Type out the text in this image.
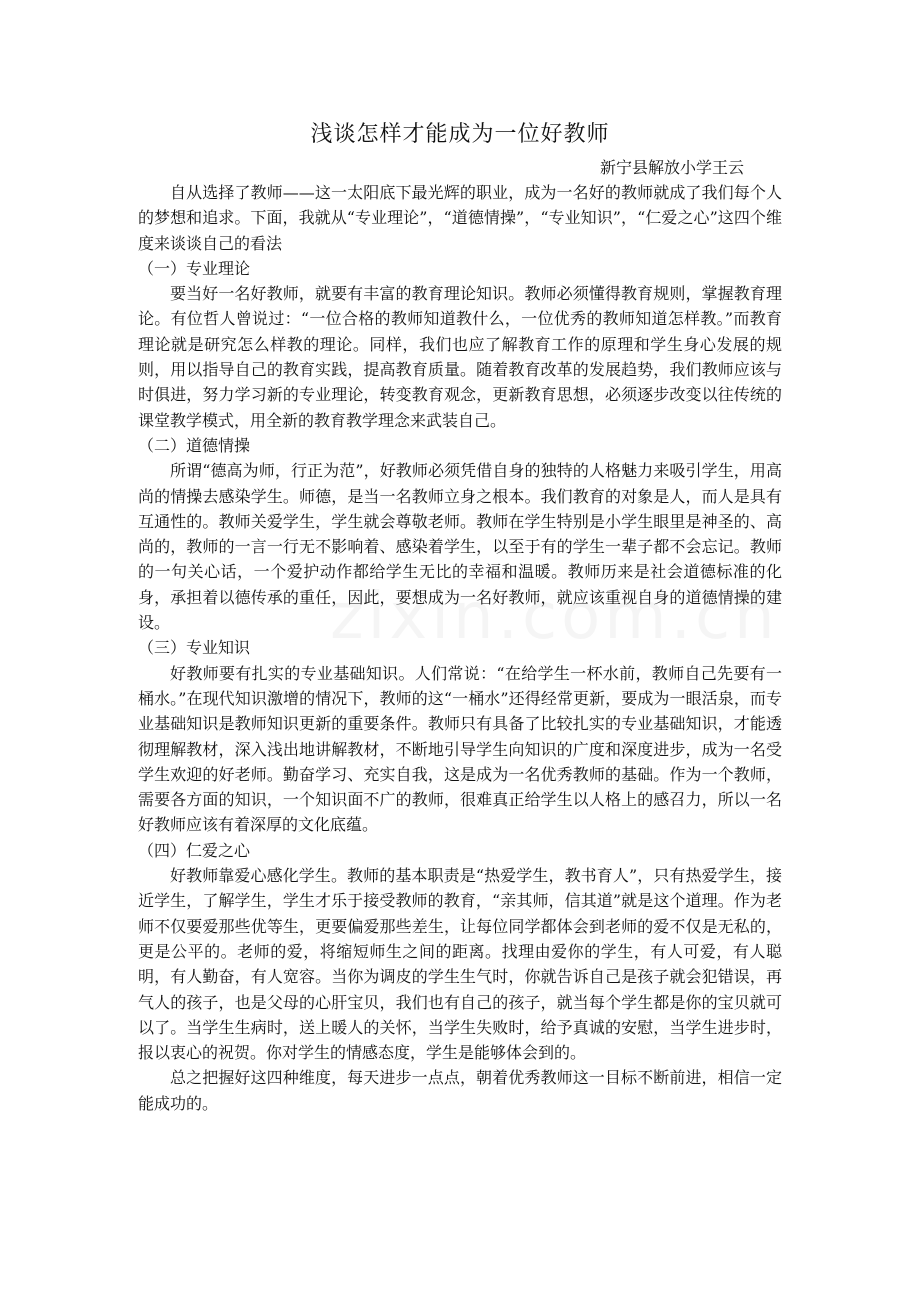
浅谈怎样才能成为一位好教师
新宁县解放小学王云

自从选择了教师——这一太阳底下最光辉的职业，成为一名好的教师就成了我们每个人的梦想和追求。下面，我就从“专业理论”，“道德情操”，“专业知识”，“仁爱之心”这四个维度来谈谈自己的看法

（一）专业理论

要当好一名好教师，就要有丰富的教育理论知识。教师必须懂得教育规则，掌握教育理论。有位哲人曾说过：“一位合格的教师知道教什么，一位优秀的教师知道怎样教。”而教育理论就是研究怎么样教的理论。同样，我们也应了解教育工作的原理和学生身心发展的规则，用以指导自己的教育实践，提高教育质量。随着教育改革的发展趋势，我们教师应该与时俱进，努力学习新的专业理论，转变教育观念，更新教育思想，必须逐步改变以往传统的课堂教学模式，用全新的教育教学理念来武装自己。

（二）道德情操

所谓“德高为师，行正为范”，好教师必须凭借自身的独特的人格魅力来吸引学生，用高尚的情操去感染学生。师德，是当一名教师立身之根本。我们教育的对象是人，而人是具有互通性的。教师关爱学生，学生就会尊敬老师。教师在学生特别是小学生眼里是神圣的、高尚的，教师的一言一行无不影响着、感染着学生，以至于有的学生一辈子都不会忘记。教师的一句关心话，一个爱护动作都给学生无比的幸福和温暖。教师历来是社会道德标准的化身，承担着以德传承的重任，因此，要想成为一名好教师，就应该重视自身的道德情操的建设。

（三）专业知识

好教师要有扎实的专业基础知识。人们常说：“在给学生一杯水前，教师自己先要有一桶水。”在现代知识激增的情况下，教师的这“一桶水”还得经常更新，要成为一眼活泉，而专业基础知识是教师知识更新的重要条件。教师只有具备了比较扎实的专业基础知识，才能透彻理解教材，深入浅出地讲解教材，不断地引导学生向知识的广度和深度进步，成为一名受学生欢迎的好老师。勤奋学习、充实自我，这是成为一名优秀教师的基础。作为一个教师，需要各方面的知识，一个知识面不广的教师，很难真正给学生以人格上的感召力，所以一名好教师应该有着深厚的文化底蕴。

（四）仁爱之心

好教师靠爱心感化学生。教师的基本职责是“热爱学生，教书育人”，只有热爱学生，接近学生，了解学生，学生才乐于接受教师的教育，“亲其师，信其道”就是这个道理。作为老师不仅要爱那些优等生，更要偏爱那些差生，让每位同学都体会到老师的爱不仅是无私的，更是公平的。老师的爱，将缩短师生之间的距离。找理由爱你的学生，有人可爱，有人聪明，有人勤奋，有人宽容。当你为调皮的学生生气时，你就告诉自己是孩子就会犯错误，再气人的孩子，也是父母的心肝宝贝，我们也有自己的孩子，就当每个学生都是你的宝贝就可以了。当学生生病时，送上暖人的关怀，当学生失败时，给予真诚的安慰，当学生进步时，报以衷心的祝贺。你对学生的情感态度，学生是能够体会到的。

总之把握好这四种维度，每天进步一点点，朝着优秀教师这一目标不断前进，相信一定能成功的。
